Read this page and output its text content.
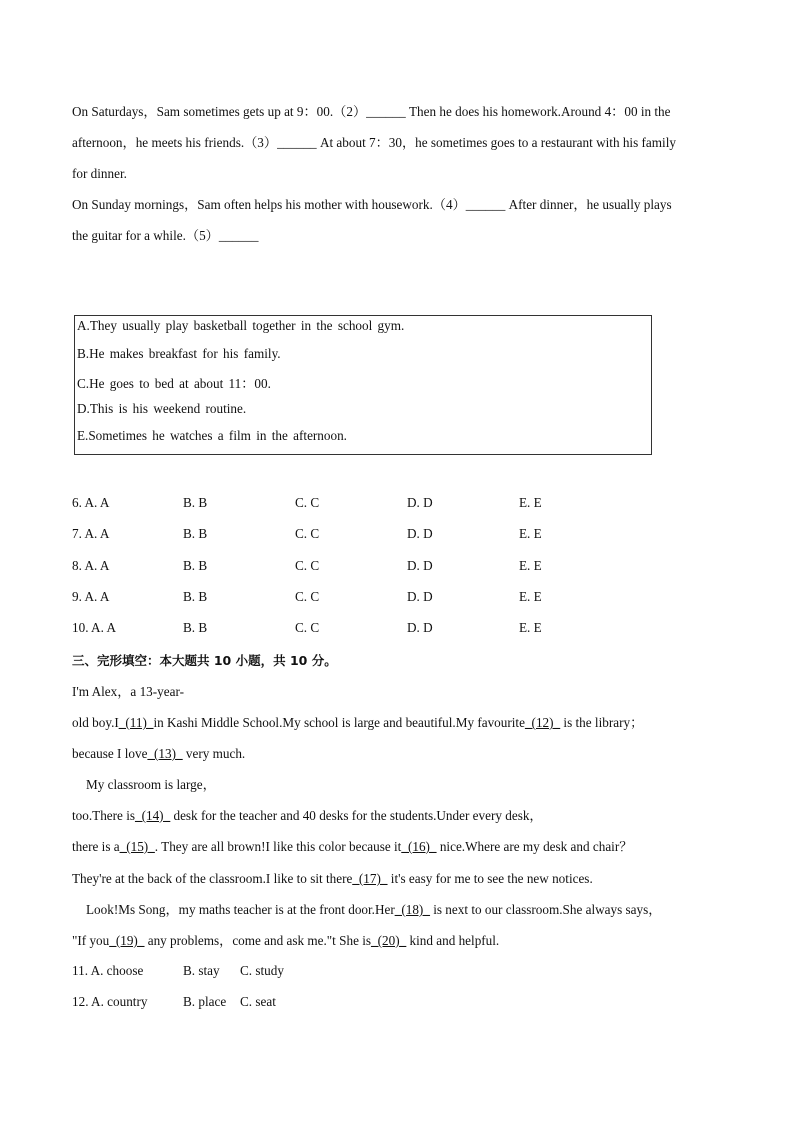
On Saturdays，Sam sometimes gets up at 9：00.（2）______ Then he does his homework.Around 4：00 in the
afternoon，he meets his friends.（3）______ At about 7：30，he sometimes goes to a restaurant with his family
for dinner.
On Sunday mornings，Sam often helps his mother with housework.（4）______ After dinner，he usually plays
the guitar for a while.（5）______
A.They usually play basketball together in the school gym.
B.He makes breakfast for his family.
C.He goes to bed at about 11：00.
D.This is his weekend routine.
E.Sometimes he watches a film in the afternoon.
6. A. A	B. B	C. C	D. D	E. E
7. A. A	B. B	C. C	D. D	E. E
8. A. A	B. B	C. C	D. D	E. E
9. A. A	B. B	C. C	D. D	E. E
10. A. A	B. B	C. C	D. D	E. E
三、完形填空：本大题共 10 小题，共 10 分。
I'm Alex，a 13-year-
old boy.I_(11)_in Kashi Middle School.My school is large and beautiful.My favourite_(12)_ is the library；
because I love_(13)_ very much.
My classroom is large，
too.There is_(14)_ desk for the teacher and 40 desks for the students.Under every desk，
there is a_(15)_. They are all brown!I like this color because it_(16)_ nice.Where are my desk and chair？
They're at the back of the classroom.I like to sit there_(17)_ it's easy for me to see the new notices.
Look!Ms Song，my maths teacher is at the front door.Her_(18)_ is next to our classroom.She always says，
"If you_(19)_ any problems，come and ask me."t She is_(20)_ kind and helpful.
11. A. choose	B. stay C. study
12. A. country	B. place C. seat
